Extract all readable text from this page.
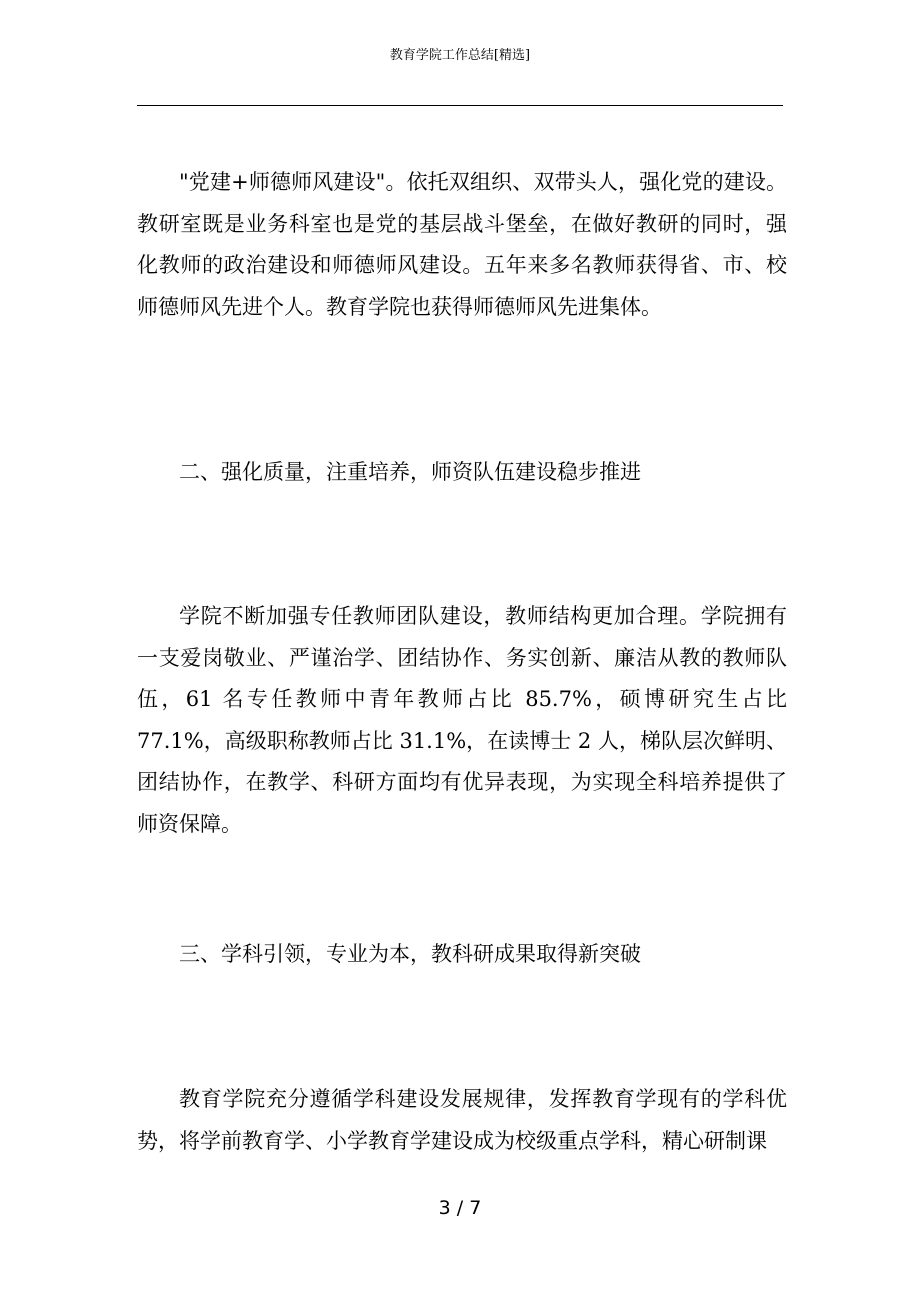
教育学院工作总结[精选]

"党建+师德师风建设"。依托双组织、双带头人，强化党的建设。教研室既是业务科室也是党的基层战斗堡垒，在做好教研的同时，强化教师的政治建设和师德师风建设。五年来多名教师获得省、市、校师德师风先进个人。教育学院也获得师德师风先进集体。

二、强化质量，注重培养，师资队伍建设稳步推进

学院不断加强专任教师团队建设，教师结构更加合理。学院拥有一支爱岗敬业、严谨治学、团结协作、务实创新、廉洁从教的教师队伍，61 名专任教师中青年教师占比 85.7%，硕博研究生占比 77.1%，高级职称教师占比 31.1%，在读博士 2 人，梯队层次鲜明、团结协作，在教学、科研方面均有优异表现，为实现全科培养提供了师资保障。

三、学科引领，专业为本，教科研成果取得新突破

教育学院充分遵循学科建设发展规律，发挥教育学现有的学科优势，将学前教育学、小学教育学建设成为校级重点学科，精心研制课

3 / 7
